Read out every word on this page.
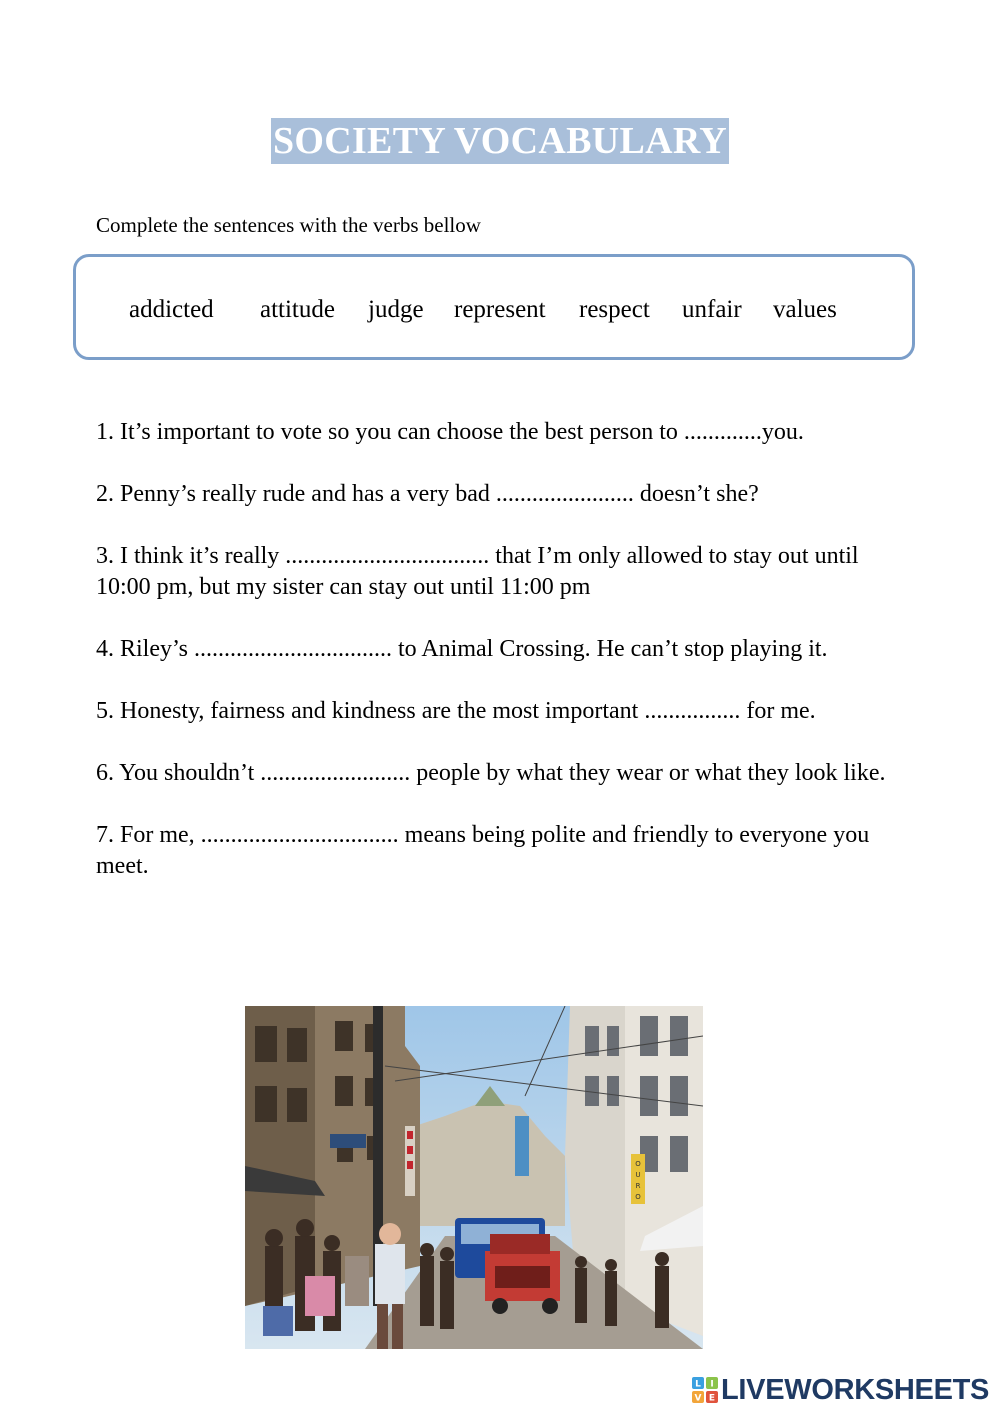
SOCIETY VOCABULARY
Complete the sentences with the verbs bellow
addicted attitude judge represent respect unfair values

1. It’s important to vote so you can choose the best person to .............you.

2. Penny’s really rude and has a very bad ....................... doesn’t she?

3. I think it’s really .................................. that I’m only allowed to stay out until 10:00 pm, but my sister can stay out until 11:00 pm

4. Riley’s ................................. to Animal Crossing. He can’t stop playing it.

5. Honesty, fairness and kindness are the most important ................ for me.

6. You shouldn’t ......................... people by what they wear or what they look like.

7. For me, ................................. means being polite and friendly to everyone you meet.

O
U
R
O
L I
V E LIVEWORKSHEETS
